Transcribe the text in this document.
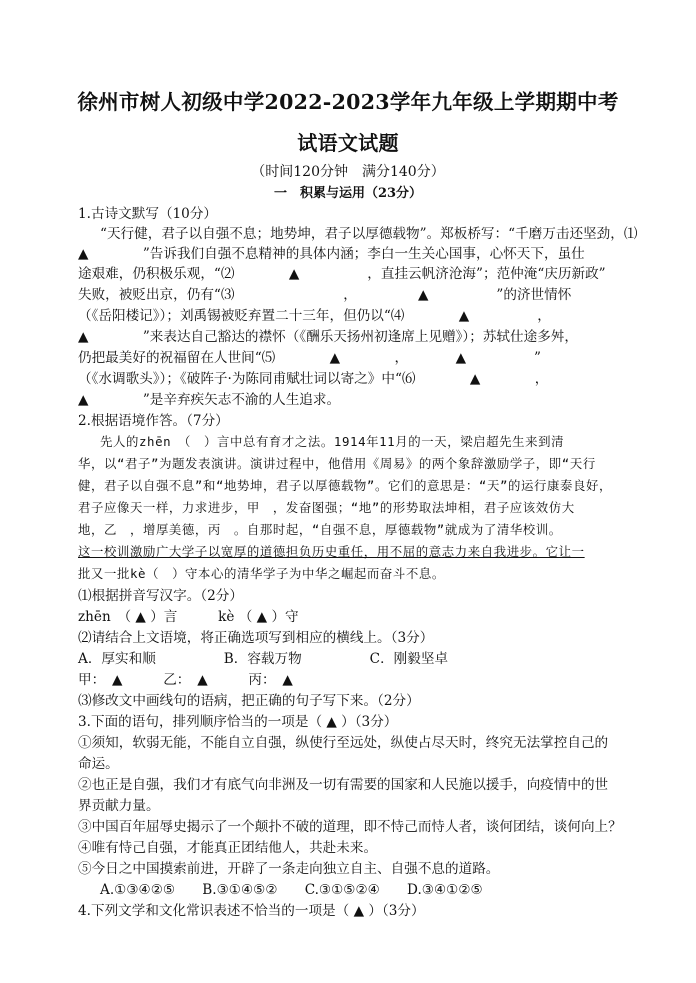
徐州市树人初级中学2022-2023学年九年级上学期期中考
试语文试题
（时间120分钟　满分140分）
一　积累与运用（23分）
1.古诗文默写（10分）
“天行健，君子以自强不息；地势坤，君子以厚德载物”。郑板桥写：“千磨万击还坚劲，⑴
▲　　　　”告诉我们自强不息精神的具体内涵；李白一生关心国事，心怀天下，虽仕
途艰难，仍积极乐观，“⑵　　　　▲　　　　　，直挂云帆济沧海”；范仲淹“庆历新政”
失败，被贬出京，仍有“⑶　　　　　　　　，　　　　　▲　　　　　”的济世情怀
（《岳阳楼记》）；刘禹锡被贬弃置二十三年，但仍以“⑷　　　　▲　　　　　，　　　
▲　　　　”来表达自己豁达的襟怀（《酬乐天扬州初逢席上见赠》）；苏轼仕途多舛，
仍把最美好的祝福留在人世间“⑸　　　　▲　　　　，　　　　▲　　　　　”
（《水调歌头》）；《破阵子·为陈同甫赋壮词以寄之》中“⑹　　　　▲　　　　，　　
▲　　　　”是辛弃疾矢志不渝的人生追求。
2.根据语境作答。（7分）
先人的zhēn　（　）言中总有育才之法。1914年11月的一天，梁启超先生来到清
华，以“君子”为题发表演讲。演讲过程中，他借用《周易》的两个象辞激励学子，即“天行
健，君子以自强不息”和“地势坤，君子以厚德载物”。它们的意思是：“天”的运行康泰良好，
君子应像天一样，力求进步，甲　，发奋图强；“地”的形势取法坤相，君子应该效仿大
地，乙　，增厚美德，丙　。自那时起，“自强不息，厚德载物”就成为了清华校训。
这一校训激励广大学子以宽厚的道德担负历史重任，用不屈的意志力来自我进步。它让一
批又一批kè（　）守本心的清华学子为中华之崛起而奋斗不息。
⑴根据拼音写汉字。（2分）
zhēn　（ ▲ ）言　　　kè （ ▲ ）守
⑵请结合上文语境，将正确选项写到相应的横线上。（3分）
A．厚实和顺　　　　　B．容载万物　　　　　C．刚毅坚卓
甲：　▲　　　乙：　▲　　　丙：　▲　
⑶修改文中画线句的语病，把正确的句子写下来。（2分）
3.下面的语句，排列顺序恰当的一项是（ ▲ ）（3分）
①须知，软弱无能，不能自立自强，纵使行至远处，纵使占尽天时，终究无法掌控自己的
命运。
②也正是自强，我们才有底气向非洲及一切有需要的国家和人民施以援手，向疫情中的世
界贡献力量。
③中国百年屈辱史揭示了一个颠扑不破的道理，即不恃己而恃人者，谈何团结，谈何向上？
④唯有恃己自强，才能真正团结他人，共赴未来。
⑤今日之中国摸索前进，开辟了一条走向独立自主、自强不息的道路。
A.①③④②⑤　　B.③①④⑤②　　C.③①⑤②④　　D.③④①②⑤
4.下列文学和文化常识表述不恰当的一项是（ ▲ ）（3分）
